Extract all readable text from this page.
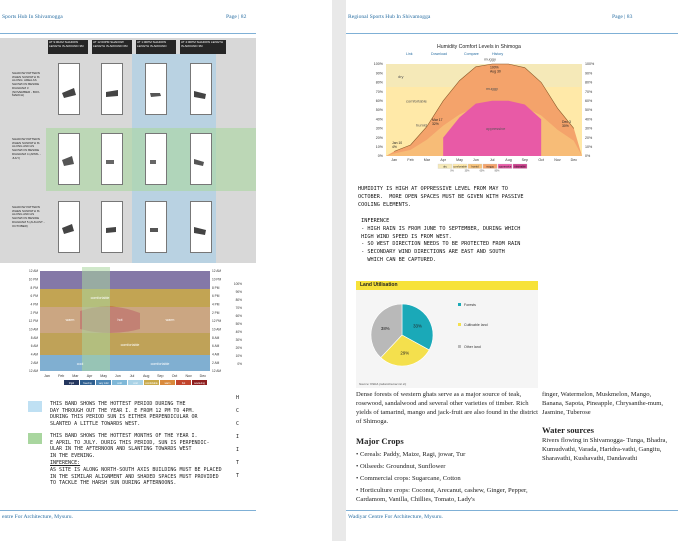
Sports Hub In Shivamogga	Page | 82
AT 9:00AM SHADOW LENGTH IS AROUND 3M
AT 12:00PM SHADOW LENGTH IS AROUND 0M
AT 1:00PM SHADOW LENGTH IS AROUND
AT 4:00PM SHADOW LENGTH IS AROUND 3M
SHADOW PATTERN WHEN SUNPATH IS ALONG: AREA AS SHOWN IN BESIDE DIAGRAM 3 (NOVEMBER - BOX-MARCH)
SHADOW PATTERN WHEN SUNPATH IS ALONG AND AS SHOWN IN BESIDE DIAGRAM 4 (APRIL - JULY)
SHADOW PATTERN WHEN SUNPATH IS ALONG AND AS SHOWN IN BESIDE DIAGRAM 5 (AUGUST - OCTOBER)
comfortable
warm	hot	warm
comfortable
cool	comfortable
12 AM
10 PM
8 PM
6 PM
4 PM
2 PM
12 PM
10 AM
8 AM
6 AM
4 AM
2 AM
12 AM
12 AM
10 PM
8 PM
6 PM
4 PM
2 PM
12 PM
10 AM
8 AM
6 AM
4 AM
2 AM
12 AM
100%
90%
80%
70%
60%
50%
40%
30%
20%
10%
0%
Jan Feb Mar Apr May Jun Jul Aug Sep Oct Nov Dec
frigid	freezing	very cold	cold	cool	comfortable	warm	hot	sweltering
THIS BAND SHOWS THE HOTTEST PERIOD DURING THE
DAY THROUGH OUT THE YEAR I. E FROM 12 PM TO 4PM.
DURING THIS PERIOD SUN IS EITHER PERPENDICULAR OR
SLANTED A LITTLE TOWARDS WEST.
THIS BAND SHOWS THE HOTTEST MONTHS OF THE YEAR I.
E APRIL TO JULY. DURIG THIS PERIOD, SUN IS PERPENDIC-
ULAR IN THE AFTERNOON AND SLANTING TOWARDS WEST
IN THE EVENING.
INFERENCE:
AS SITE IS ALONG NORTH-SOUTH AXIS BUILDING MUST BE PLACED
IN THE SIMILAR ALIGNMENT AND SHADED SPACES MUST PROVIDED
TO TACKLE THE HARSH SUN DURING AFTERNOONS.
H
C
C
I
I
T
T
entre For Architecture, Mysuru.
Regional Sports Hub In Shivamogga	Page | 83
Humidity Comfort Levels in Shimoga
Link	Download	Compare	History
100%	100%
90%	90%
80%	80%
70%	70%
60%	60%
50%	50%
40%	40%
30%	30%
20%	20%
10%	10%
0%	0%
Jan	Feb	Mar	Apr	May	Jun	Jul	Aug	Sep	Oct	Nov	Dec
dry
comfortable
humid
muggy
oppressive
muggy
Jan 10
4%
Mar 17
32%
100%
Aug 30
Dec 3
30%
dry comfortable humid	muggy oppressive miserable
0%	30%	60%	80%
HUMIDITY IS HIGH AT OPPRESSIVE LEVEL FROM MAY TO
OCTOBER.  MORE OPEN SPACES MUST BE GIVEN WITH PASSIVE
COOLING ELEMENTS.
INFERENCE
- HIGH RAIN IS FROM JUNE TO SEPTEMBER, DURING WHICH
HIGH WIND SPEED IS FROM WEST.
- SO WEST DIRECTION NEEDS TO BE PROTECTED FROM RAIN
- SECONDARY WIND DIRECTIONS ARE EAST AND SOUTH
WHICH CAN BE CAPTURED.
Land Utilisation
33%
29%
38%
Forests
Cultivable land
Other land
Source: KSDA (raitamitra.kar.nic.in)
Dense forests of western ghats serve as a major source of teak, rosewood, sandalwood and several other varieties of timber. Rich yields of tamarind, mango and jack-fruit are also found in the district of Shimoga.
Major Crops
• Cereals: Paddy, Maize, Ragi, jowar, Tur
• Oilseeds: Groundnut, Sunflower
• Commercial crops: Sugarcane, Cotton
• Horticulture crops: Coconut, Arecanut, cashew, Ginger, Pepper, Cardamom, Vanilla, Chillies, Tomato, Lady's
finger, Watermelon, Muskmelon, Mango, Banana, Sapota, Pineapple, Chrysanthe-mum, Jasmine, Tuberose
Water sources
Rivers flowing in Shivamogga- Tunga, Bhadra, Kumudvathi, Varada, Haridra-vathi, Gangitu, Sharavathi, Kushavathi, Dandavathi
Wadiyar Centre For Architecture, Mysuru.
